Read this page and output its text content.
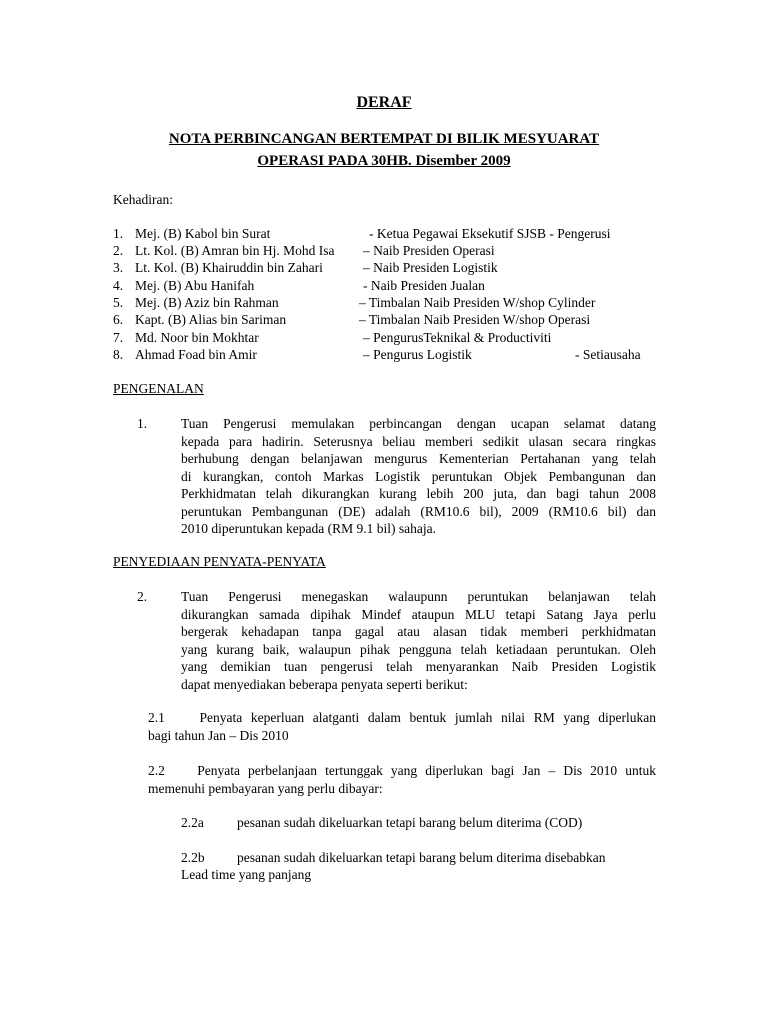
DERAF
NOTA PERBINCANGAN BERTEMPAT DI BILIK MESYUARAT
OPERASI PADA 30HB. Disember 2009
Kehadiran:
1. Mej. (B) Kabol bin Surat	- Ketua Pegawai Eksekutif SJSB - Pengerusi
2. Lt. Kol. (B) Amran bin Hj. Mohd Isa – Naib Presiden Operasi
3. Lt. Kol. (B) Khairuddin bin Zahari	– Naib Presiden Logistik
4. Mej. (B) Abu Hanifah	- Naib Presiden Jualan
5. Mej. (B) Aziz bin Rahman	– Timbalan Naib Presiden W/shop Cylinder
6. Kapt. (B) Alias bin Sariman	– Timbalan Naib Presiden W/shop Operasi
7. Md. Noor bin Mokhtar	– PengurusTeknikal & Productiviti
8. Ahmad Foad bin Amir	– Pengurus Logistik	- Setiausaha
PENGENALAN
1.	Tuan Pengerusi memulakan perbincangan dengan ucapan selamat datang
kepada para hadirin. Seterusnya beliau memberi sedikit ulasan secara ringkas
berhubung dengan belanjawan mengurus Kementerian Pertahanan yang telah
di kurangkan, contoh Markas Logistik peruntukan Objek Pembangunan dan
Perkhidmatan telah dikurangkan kurang lebih 200 juta, dan bagi tahun 2008
peruntukan Pembangunan (DE) adalah (RM10.6 bil), 2009 (RM10.6 bil) dan
2010 diperuntukan kepada (RM 9.1 bil) sahaja.
PENYEDIAAN PENYATA-PENYATA
2.	Tuan Pengerusi menegaskan walaupunn peruntukan belanjawan telah
dikurangkan samada dipihak Mindef ataupun MLU tetapi Satang Jaya perlu
bergerak kehadapan tanpa gagal atau alasan tidak memberi perkhidmatan
yang kurang baik, walaupun pihak pengguna telah ketiadaan peruntukan. Oleh
yang demikian tuan pengerusi telah menyarankan Naib Presiden Logistik
dapat menyediakan beberapa penyata seperti berikut:
2.1    Penyata keperluan alatganti dalam bentuk jumlah nilai RM yang diperlukan
bagi tahun Jan – Dis 2010
2.2    Penyata perbelanjaan tertunggak yang diperlukan bagi Jan – Dis 2010 untuk
memenuhi pembayaran yang perlu dibayar:
2.2a pesanan sudah dikeluarkan tetapi barang belum diterima (COD)
2.2b pesanan sudah dikeluarkan tetapi barang belum diterima disebabkan
Lead time yang panjang
